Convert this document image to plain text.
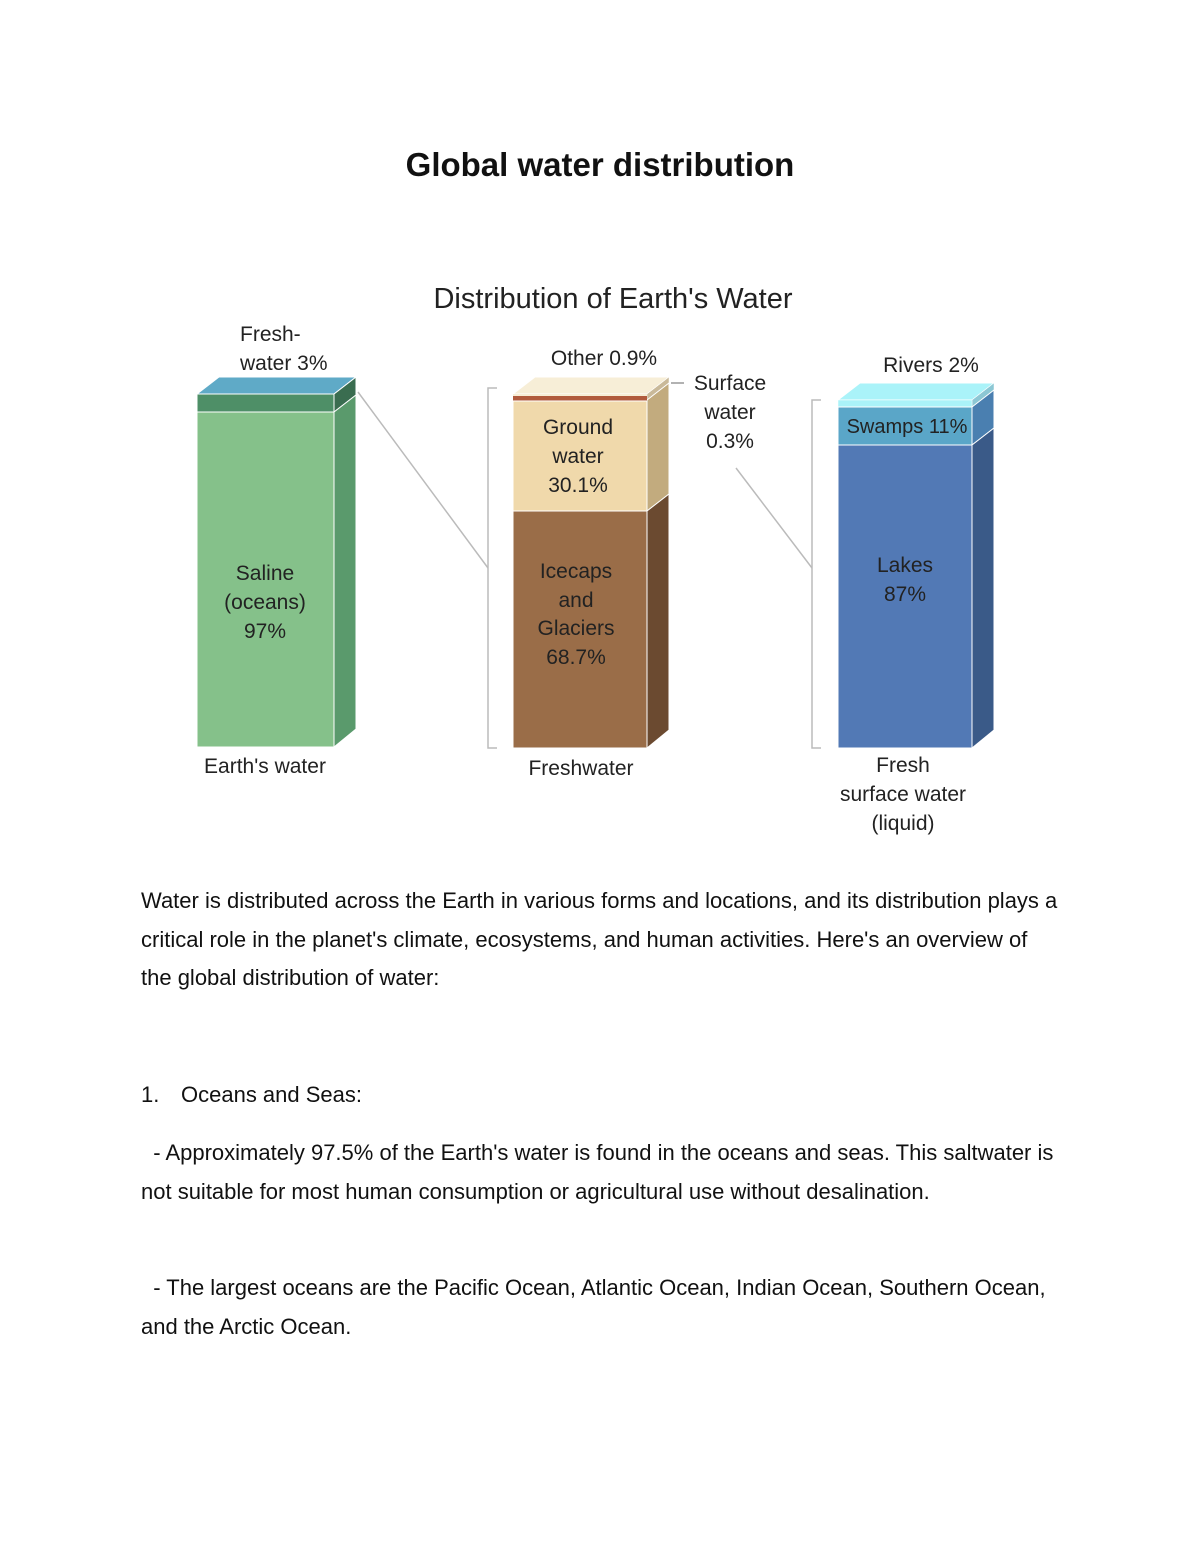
Global water distribution
Distribution of Earth's Water
Saline
(oceans)
97%
Fresh-
water 3%
Earth's water
Ground
water
30.1%
Icecaps
and
Glaciers
68.7%
Other 0.9%
Surface
water
0.3%
Freshwater
Swamps 11%
Lakes
87%
Rivers 2%
Fresh
surface water
(liquid)

Water is distributed across the Earth in various forms and locations, and its distribution plays a critical role in the planet's climate, ecosystems, and human activities. Here's an overview of the global distribution of water:

1. Oceans and Seas:

- Approximately 97.5% of the Earth's water is found in the oceans and seas. This saltwater is not suitable for most human consumption or agricultural use without desalination.

- The largest oceans are the Pacific Ocean, Atlantic Ocean, Indian Ocean, Southern Ocean, and the Arctic Ocean.
